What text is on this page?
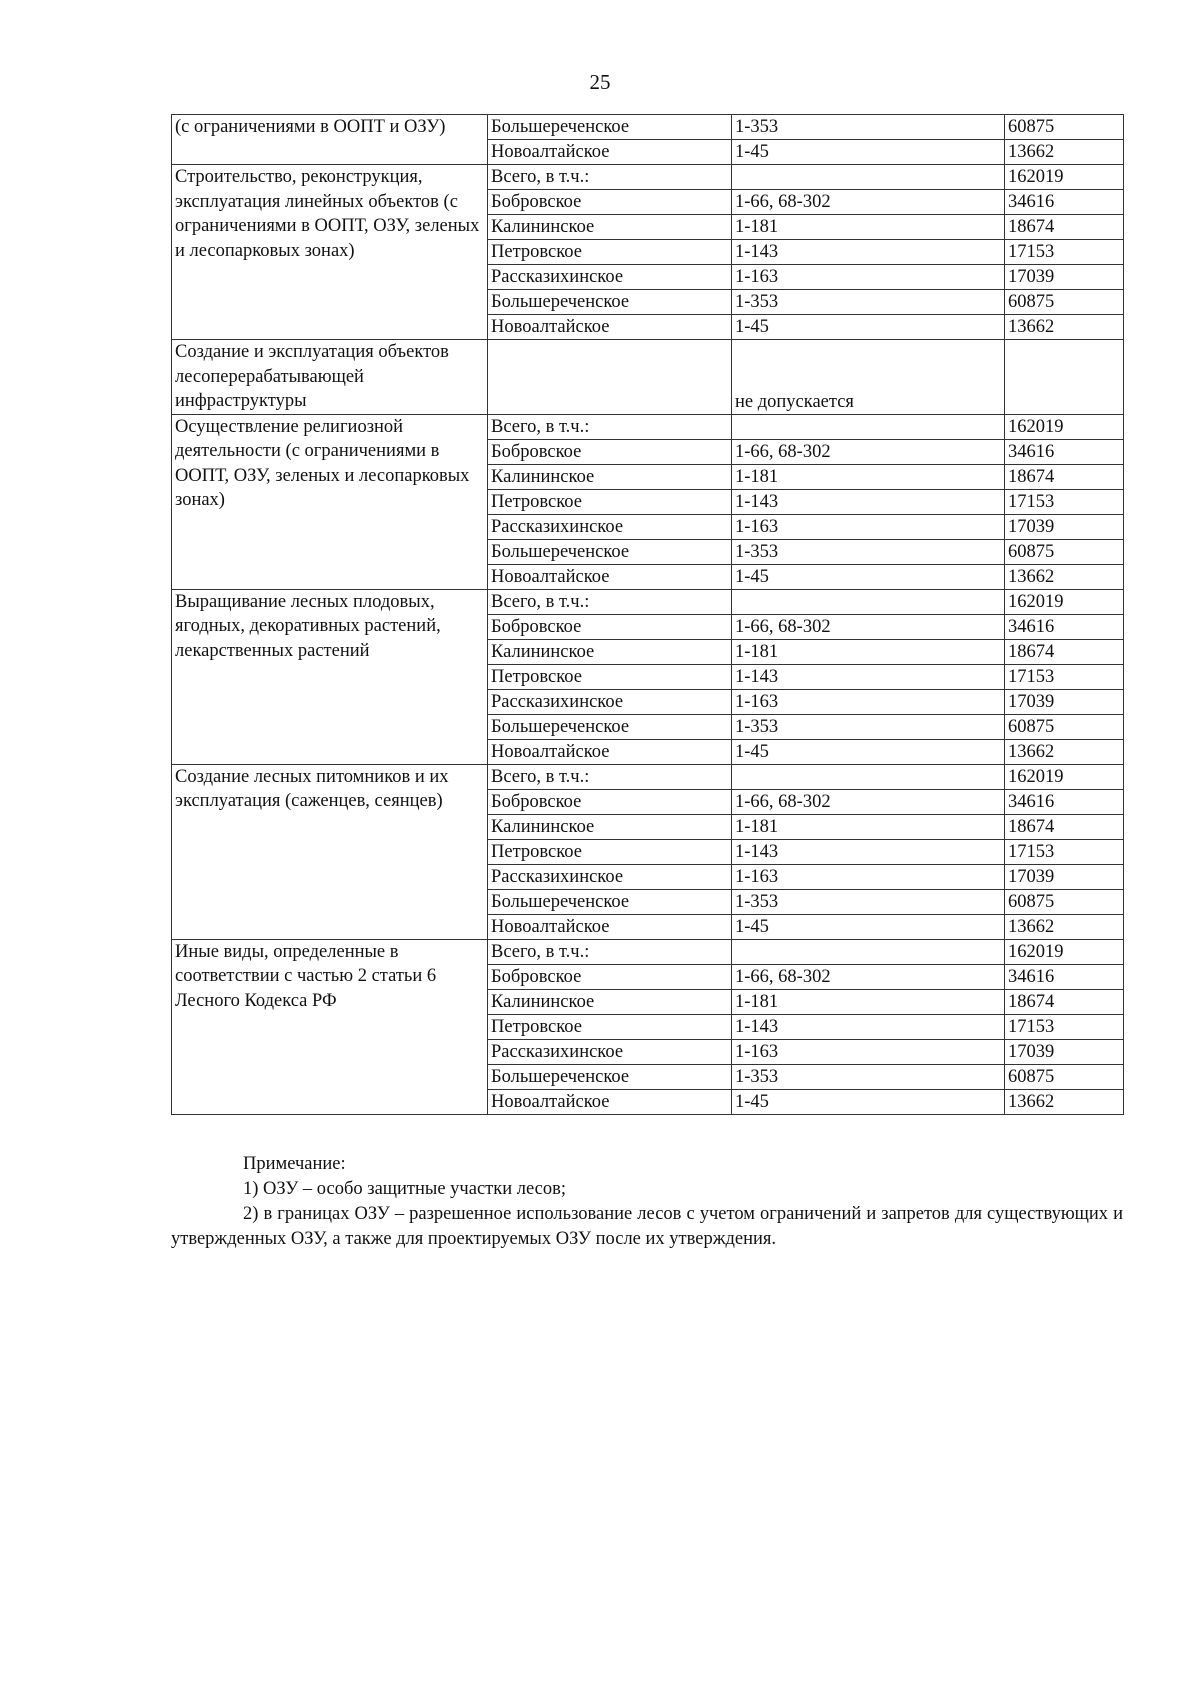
25
(с ограничениями в ООПТ и ОЗУ)	Большереченское	1-353	60875
	Новоалтайское	1-45	13662
Строительство, реконструкция, эксплуатация линейных объектов (с ограничениями в ООПТ, ОЗУ, зеленых и лесопарковых зонах)	Всего, в т.ч.:		162019
	Бобровское	1-66, 68-302	34616
	Калининское	1-181	18674
	Петровское	1-143	17153
	Рассказихинское	1-163	17039
	Большереченское	1-353	60875
	Новоалтайское	1-45	13662
Создание и эксплуатация объектов лесоперерабатывающей инфраструктуры		не допускается	
Осуществление религиозной деятельности (с ограничениями в ООПТ, ОЗУ, зеленых и лесопарковых зонах)	Всего, в т.ч.:		162019
	Бобровское	1-66, 68-302	34616
	Калининское	1-181	18674
	Петровское	1-143	17153
	Рассказихинское	1-163	17039
	Большереченское	1-353	60875
	Новоалтайское	1-45	13662
Выращивание лесных плодовых, ягодных, декоративных растений, лекарственных растений	Всего, в т.ч.:		162019
	Бобровское	1-66, 68-302	34616
	Калининское	1-181	18674
	Петровское	1-143	17153
	Рассказихинское	1-163	17039
	Большереченское	1-353	60875
	Новоалтайское	1-45	13662
Создание лесных питомников и их эксплуатация (саженцев, сеянцев)	Всего, в т.ч.:		162019
	Бобровское	1-66, 68-302	34616
	Калининское	1-181	18674
	Петровское	1-143	17153
	Рассказихинское	1-163	17039
	Большереченское	1-353	60875
	Новоалтайское	1-45	13662
Иные виды, определенные в соответствии с частью 2 статьи 6 Лесного Кодекса РФ	Всего, в т.ч.:		162019
	Бобровское	1-66, 68-302	34616
	Калининское	1-181	18674
	Петровское	1-143	17153
	Рассказихинское	1-163	17039
	Большереченское	1-353	60875
	Новоалтайское	1-45	13662

Примечание:

1) ОЗУ – особо защитные участки лесов;

2) в границах ОЗУ – разрешенное использование лесов с учетом ограничений и запретов для существующих и утвержденных ОЗУ, а также для проектируемых ОЗУ после их утверждения.
